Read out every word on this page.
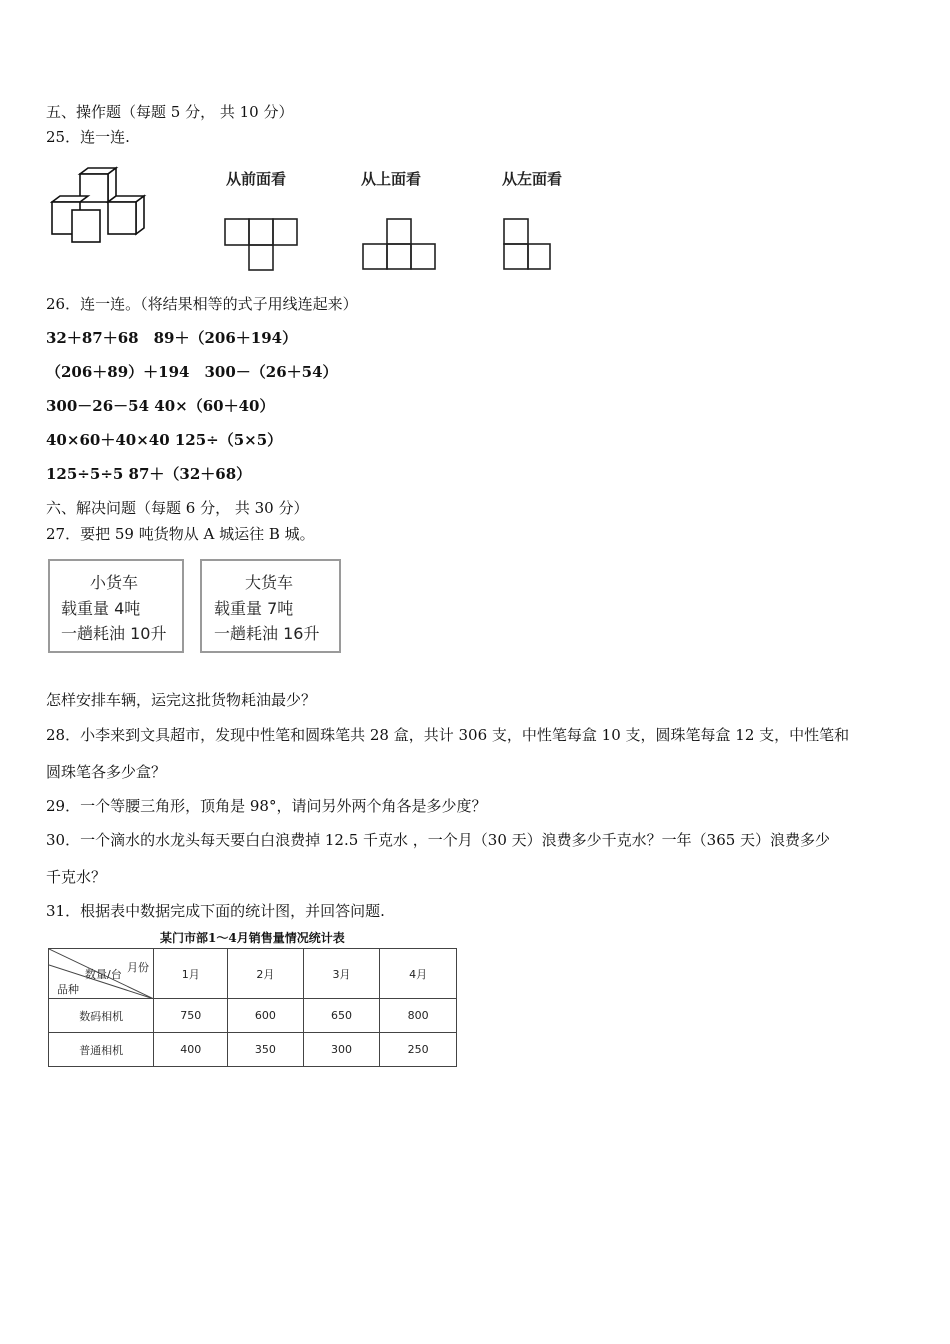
五、操作题（每题 5 分， 共 10 分）
25．连一连.
从前面看	从上面看	从左面看
26．连一连。（将结果相等的式子用线连起来）
32＋87＋68　89＋（206＋194）
（206＋89）＋194　300－（26＋54）
300－26－54 40×（60＋40）
40×60＋40×40 125÷（5×5）
125÷5÷5 87＋（32＋68）
六、解决问题（每题 6 分， 共 30 分）
27．要把 59 吨货物从 A 城运往 B 城。
小货车
载重量 4吨
一趟耗油 10升
大货车
载重量 7吨
一趟耗油 16升
怎样安排车辆，运完这批货物耗油最少？
28．小李来到文具超市，发现中性笔和圆珠笔共 28 盒，共计 306 支，中性笔每盒 10 支，圆珠笔每盒 12 支，中性笔和
圆珠笔各多少盒？
29．一个等腰三角形，顶角是 98°，请问另外两个角各是多少度？
30．一个滴水的水龙头每天要白白浪费掉 12.5 千克水 ，一个月（30 天）浪费多少千克水？一年（365 天）浪费多少
千克水？
31．根据表中数据完成下面的统计图，并回答问题.
某门市部1～4月销售量情况统计表
月份
数量/台
品种	1月	2月	3月	4月
数码相机	750	600	650	800
普通相机	400	350	300	250
